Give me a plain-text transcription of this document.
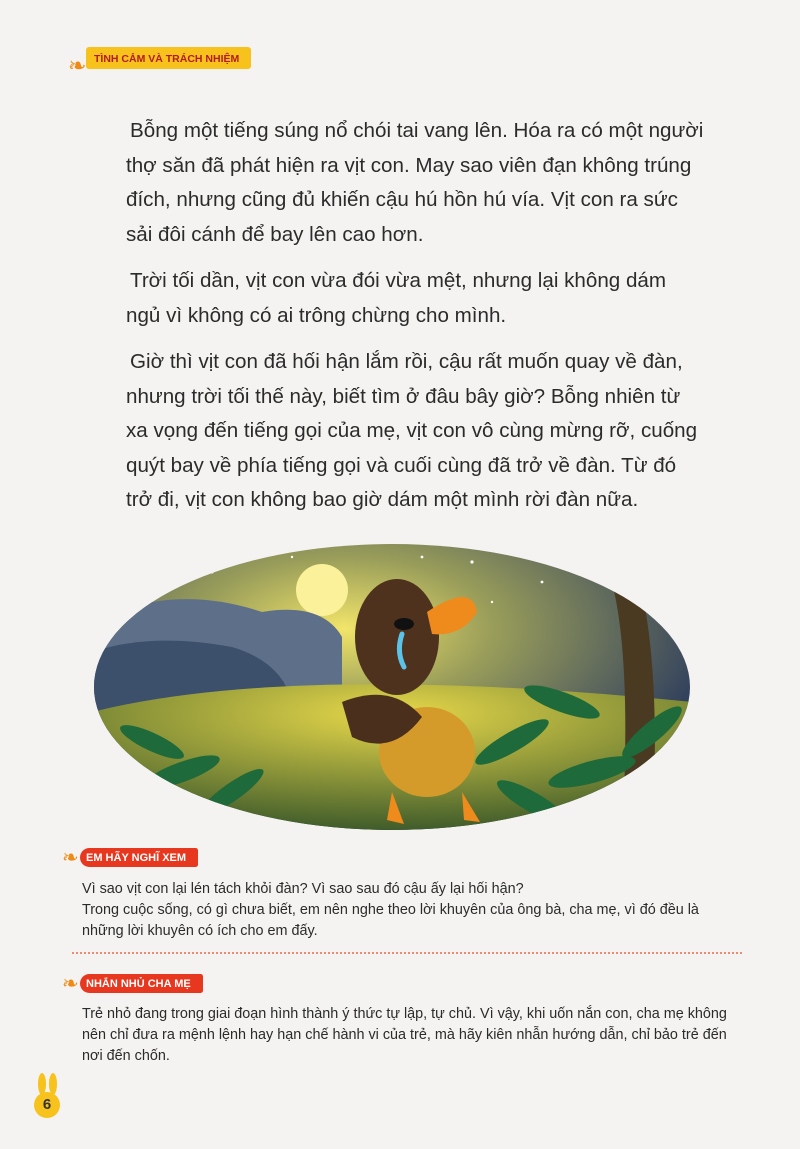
❧ TÌNH CẢM VÀ TRÁCH NHIỆM

Bỗng một tiếng súng nổ chói tai vang lên. Hóa ra có một người thợ săn đã phát hiện ra vịt con. May sao viên đạn không trúng đích, nhưng cũng đủ khiến cậu hú hồn hú vía. Vịt con ra sức sải đôi cánh để bay lên cao hơn.

Trời tối dần, vịt con vừa đói vừa mệt, nhưng lại không dám ngủ vì không có ai trông chừng cho mình.

Giờ thì vịt con đã hối hận lắm rồi, cậu rất muốn quay về đàn, nhưng trời tối thế này, biết tìm ở đâu bây giờ? Bỗng nhiên từ xa vọng đến tiếng gọi của mẹ, vịt con vô cùng mừng rỡ, cuống quýt bay về phía tiếng gọi và cuối cùng đã trở về đàn. Từ đó trở đi, vịt con không bao giờ dám một mình rời đàn nữa.

❧ EM HÃY NGHĨ XEM
Vì sao vịt con lại lén tách khỏi đàn? Vì sao sau đó cậu ấy lại hối hận?
Trong cuộc sống, có gì chưa biết, em nên nghe theo lời khuyên của ông bà, cha mẹ, vì đó đều là những lời khuyên có ích cho em đấy.
❧ NHẮN NHỦ CHA MẸ
Trẻ nhỏ đang trong giai đoạn hình thành ý thức tự lập, tự chủ. Vì vậy, khi uốn nắn con, cha mẹ không nên chỉ đưa ra mệnh lệnh hay hạn chế hành vi của trẻ, mà hãy kiên nhẫn hướng dẫn, chỉ bảo trẻ đến nơi đến chốn.
6
